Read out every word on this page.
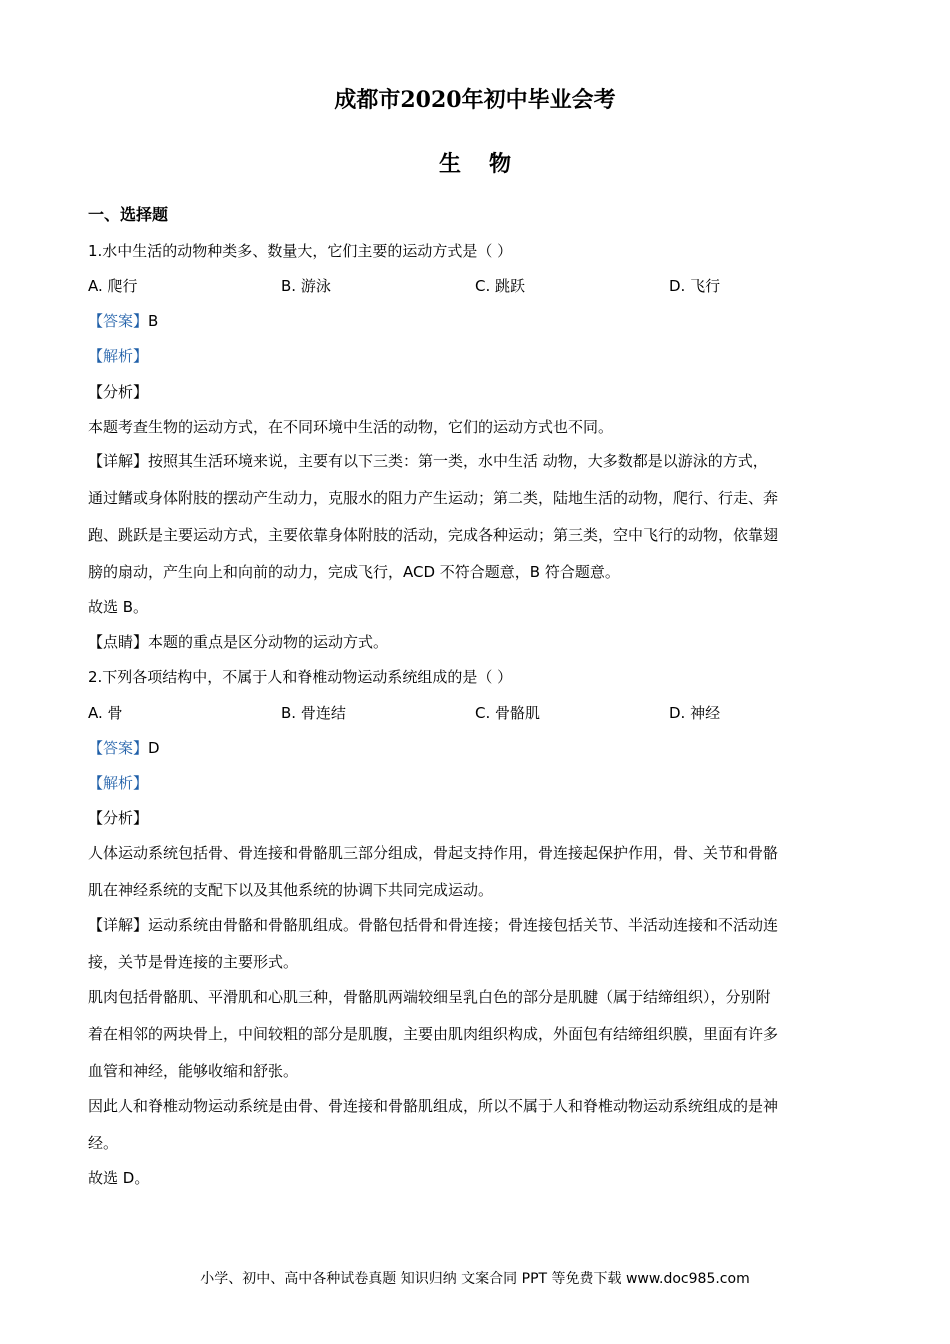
成都市2020年初中毕业会考
生物
一、选择题
1.水中生活的动物种类多、数量大，它们主要的运动方式是（ ）
A. 爬行	B. 游泳	C. 跳跃	D. 飞行
【答案】B
【解析】
【分析】
本题考查生物的运动方式，在不同环境中生活的动物，它们的运动方式也不同。
【详解】按照其生活环境来说，主要有以下三类：第一类，水中生活 动物，大多数都是以游泳的方式，
通过鳍或身体附肢的摆动产生动力，克服水的阻力产生运动；第二类，陆地生活的动物，爬行、行走、奔
跑、跳跃是主要运动方式，主要依靠身体附肢的活动，完成各种运动；第三类，空中飞行的动物，依靠翅
膀的扇动，产生向上和向前的动力，完成飞行，ACD 不符合题意，B 符合题意。
故选 B。
【点睛】本题的重点是区分动物的运动方式。
2.下列各项结构中，不属于人和脊椎动物运动系统组成的是（ ）
A. 骨	B. 骨连结	C. 骨骼肌	D. 神经
【答案】D
【解析】
【分析】
人体运动系统包括骨、骨连接和骨骼肌三部分组成，骨起支持作用，骨连接起保护作用，骨、关节和骨骼
肌在神经系统的支配下以及其他系统的协调下共同完成运动。
【详解】运动系统由骨骼和骨骼肌组成。骨骼包括骨和骨连接；骨连接包括关节、半活动连接和不活动连
接，关节是骨连接的主要形式。
肌肉包括骨骼肌、平滑肌和心肌三种，骨骼肌两端较细呈乳白色的部分是肌腱（属于结缔组织），分别附
着在相邻的两块骨上，中间较粗的部分是肌腹，主要由肌肉组织构成，外面包有结缔组织膜，里面有许多
血管和神经，能够收缩和舒张。
因此人和脊椎动物运动系统是由骨、骨连接和骨骼肌组成，所以不属于人和脊椎动物运动系统组成的是神
经。
故选 D。
小学、初中、高中各种试卷真题 知识归纳 文案合同 PPT 等免费下载 www.doc985.com
